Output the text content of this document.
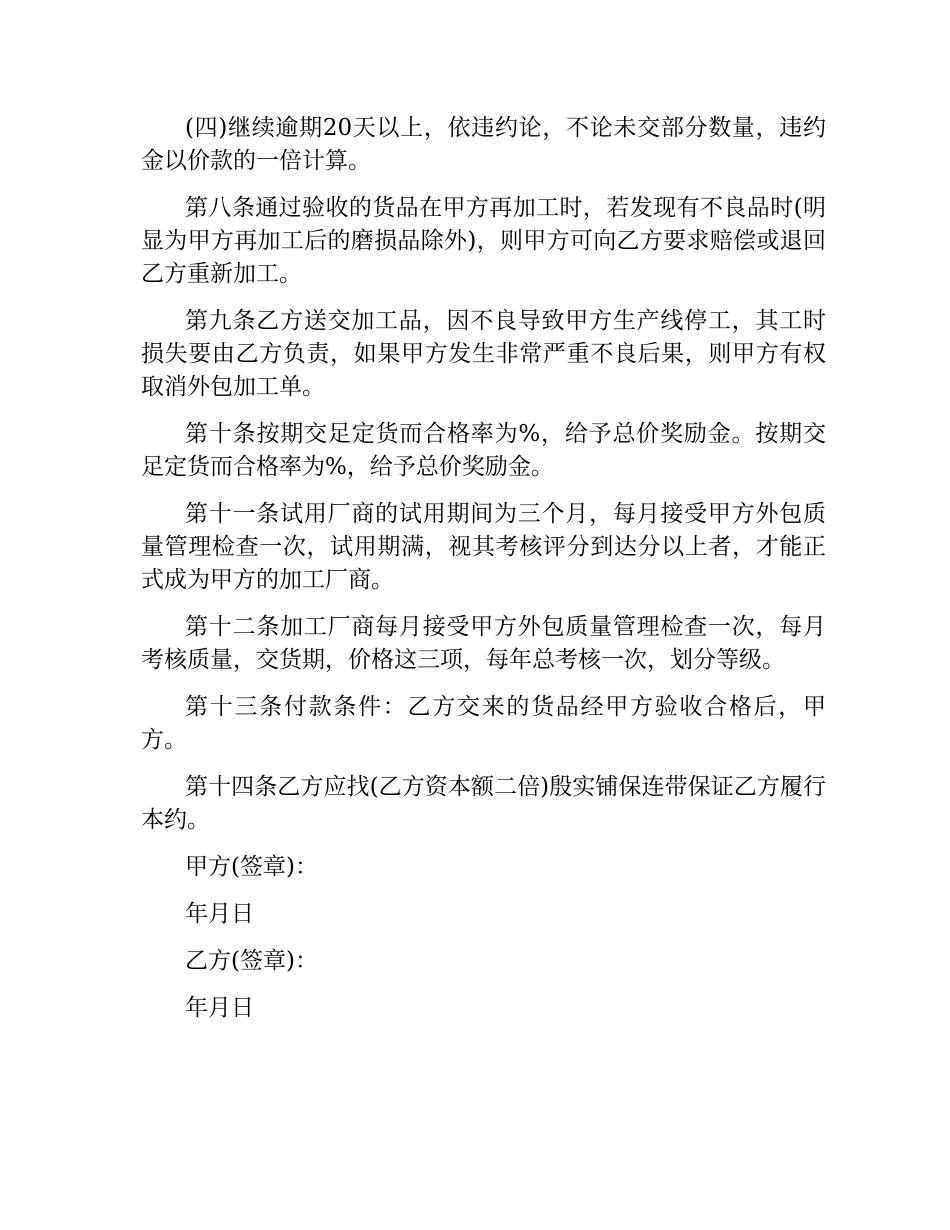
(四)继续逾期20天以上，依违约论，不论未交部分数量，违约金以价款的一倍计算。

第八条通过验收的货品在甲方再加工时，若发现有不良品时(明显为甲方再加工后的磨损品除外)，则甲方可向乙方要求赔偿或退回乙方重新加工。

第九条乙方送交加工品，因不良导致甲方生产线停工，其工时损失要由乙方负责，如果甲方发生非常严重不良后果，则甲方有权取消外包加工单。

第十条按期交足定货而合格率为%，给予总价奖励金。按期交足定货而合格率为%，给予总价奖励金。

第十一条试用厂商的试用期间为三个月，每月接受甲方外包质量管理检查一次，试用期满，视其考核评分到达分以上者，才能正式成为甲方的加工厂商。

第十二条加工厂商每月接受甲方外包质量管理检查一次，每月考核质量，交货期，价格这三项，每年总考核一次，划分等级。

第十三条付款条件：乙方交来的货品经甲方验收合格后，甲方。

第十四条乙方应找(乙方资本额二倍)殷实铺保连带保证乙方履行本约。

甲方(签章)：

年月日

乙方(签章)：

年月日
